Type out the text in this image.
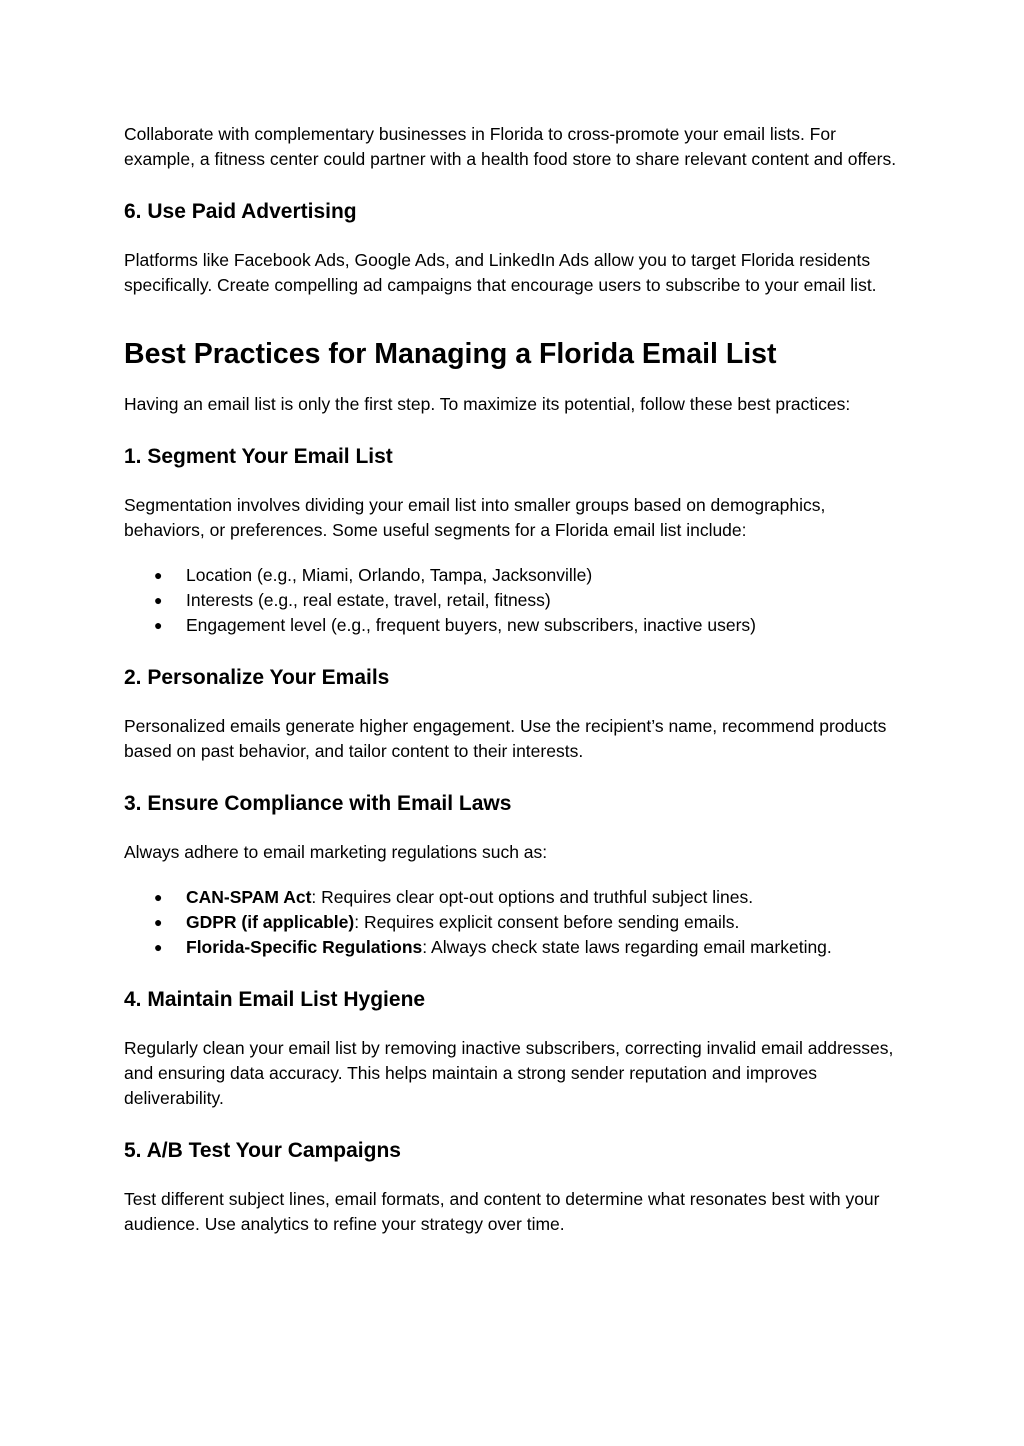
Collaborate with complementary businesses in Florida to cross-promote your email lists. For example, a fitness center could partner with a health food store to share relevant content and offers.

6. Use Paid Advertising

Platforms like Facebook Ads, Google Ads, and LinkedIn Ads allow you to target Florida residents specifically. Create compelling ad campaigns that encourage users to subscribe to your email list.

Best Practices for Managing a Florida Email List

Having an email list is only the first step. To maximize its potential, follow these best practices:

1. Segment Your Email List

Segmentation involves dividing your email list into smaller groups based on demographics, behaviors, or preferences. Some useful segments for a Florida email list include:

● Location (e.g., Miami, Orlando, Tampa, Jacksonville)
● Interests (e.g., real estate, travel, retail, fitness)
● Engagement level (e.g., frequent buyers, new subscribers, inactive users)
2. Personalize Your Emails

Personalized emails generate higher engagement. Use the recipient’s name, recommend products based on past behavior, and tailor content to their interests.

3. Ensure Compliance with Email Laws

Always adhere to email marketing regulations such as:

● CAN-SPAM Act: Requires clear opt-out options and truthful subject lines.
● GDPR (if applicable): Requires explicit consent before sending emails.
● Florida-Specific Regulations: Always check state laws regarding email marketing.
4. Maintain Email List Hygiene

Regularly clean your email list by removing inactive subscribers, correcting invalid email addresses, and ensuring data accuracy. This helps maintain a strong sender reputation and improves deliverability.

5. A/B Test Your Campaigns

Test different subject lines, email formats, and content to determine what resonates best with your audience. Use analytics to refine your strategy over time.
